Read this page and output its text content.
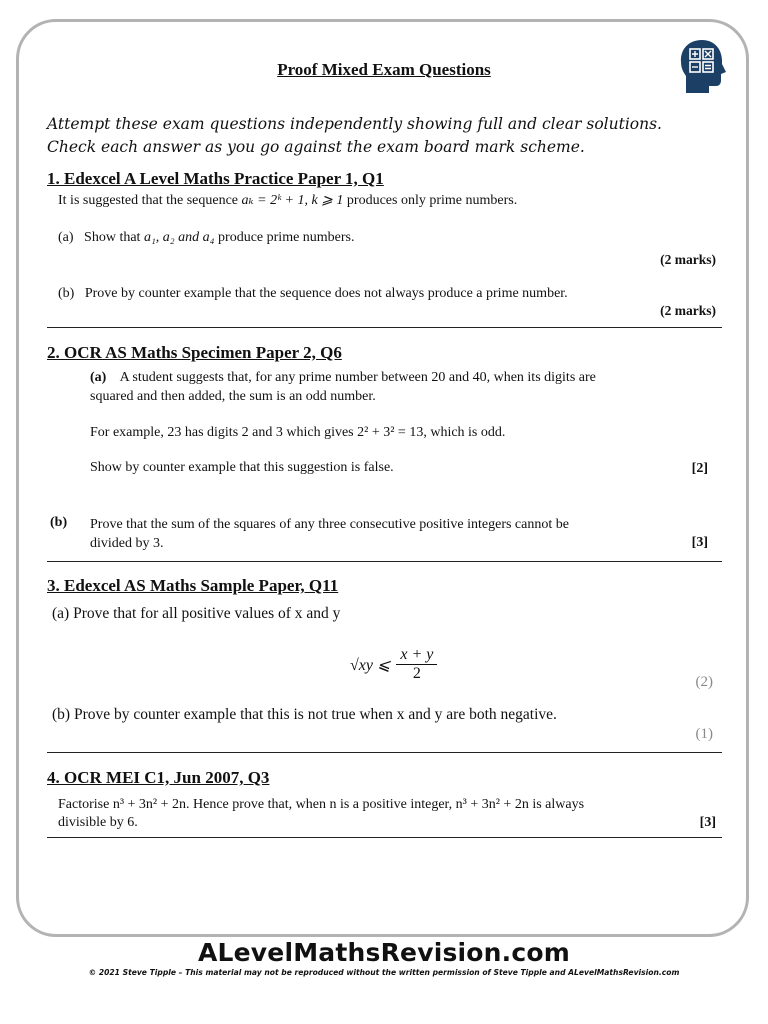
Proof Mixed Exam Questions
Attempt these exam questions independently showing full and clear solutions.
Check each answer as you go against the exam board mark scheme.
1. Edexcel A Level Maths Practice Paper 1, Q1
It is suggested that the sequence aₖ = 2ᵏ + 1, k ⩾ 1 produces only prime numbers.
(a) Show that a₁, a₂ and a₄ produce prime numbers.
(2 marks)
(b) Prove by counter example that the sequence does not always produce a prime number.
(2 marks)
2. OCR AS Maths Specimen Paper 2, Q6
(a) A student suggests that, for any prime number between 20 and 40, when its digits are
squared and then added, the sum is an odd number.
For example, 23 has digits 2 and 3 which gives 2² + 3² = 13, which is odd.
Show by counter example that this suggestion is false.	[2]
(b) Prove that the sum of the squares of any three consecutive positive integers cannot be
divided by 3.	[3]
3. Edexcel AS Maths Sample Paper, Q11
(a) Prove that for all positive values of x and y
√xy ⩽ $\frac{x + y}{2}$	(2)
(b) Prove by counter example that this is not true when x and y are both negative.
(1)
4. OCR MEI C1, Jun 2007, Q3
Factorise n³ + 3n² + 2n. Hence prove that, when n is a positive integer, n³ + 3n² + 2n is always
divisible by 6.	[3]
ALevelMathsRevision.com
© 2021 Steve Tipple – This material may not be reproduced without the written permission of Steve Tipple and ALevelMathsRevision.com
